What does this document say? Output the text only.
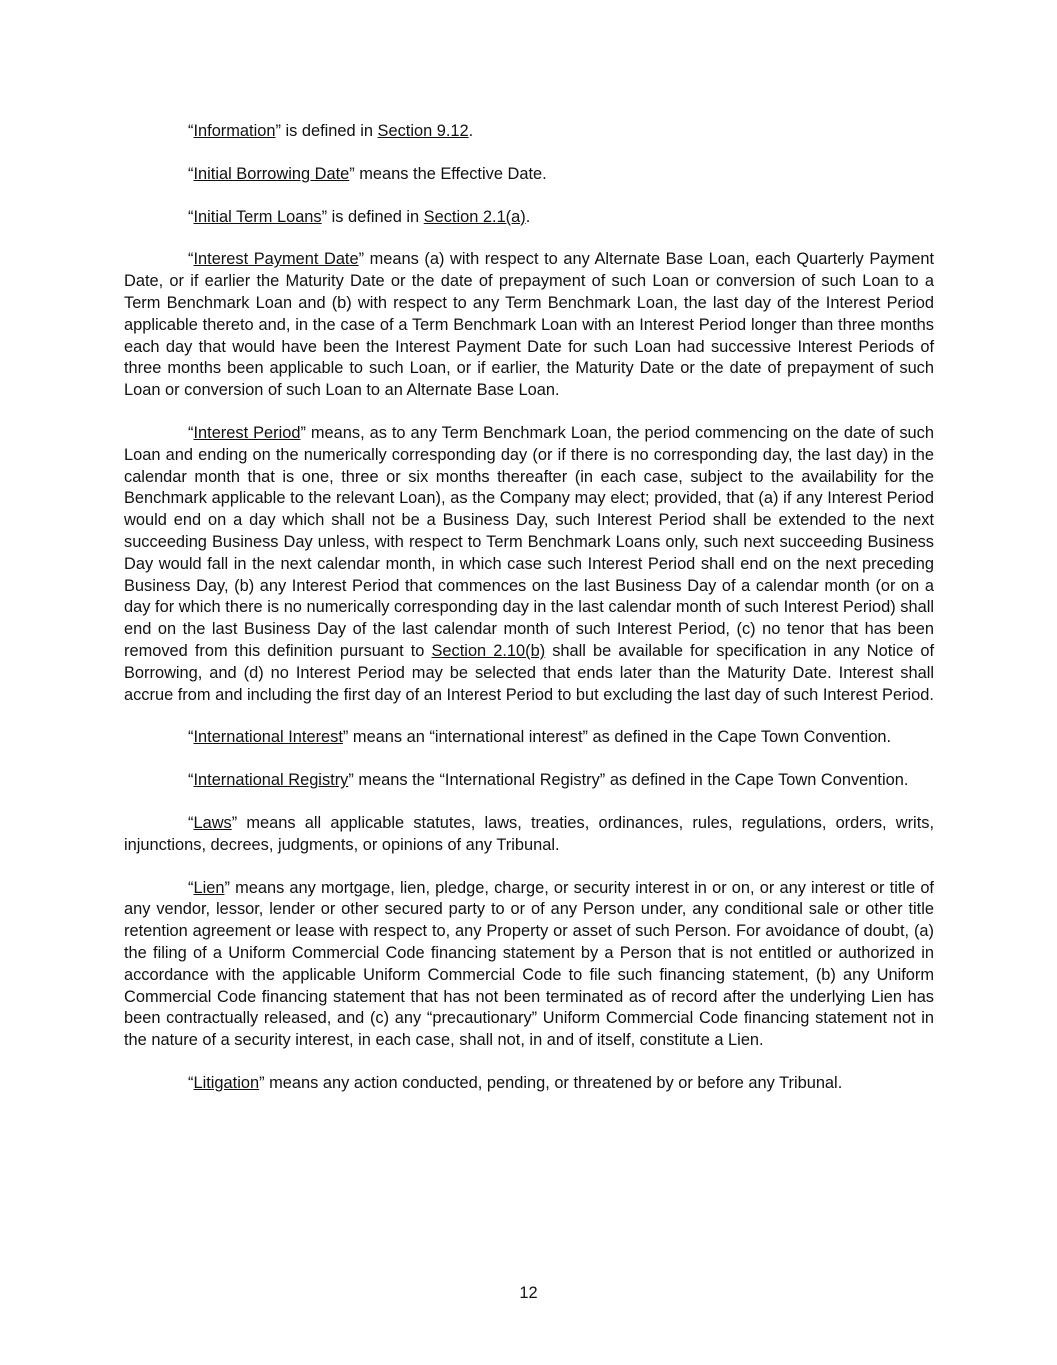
“Information” is defined in Section 9.12.

“Initial Borrowing Date” means the Effective Date.

“Initial Term Loans” is defined in Section 2.1(a).

“Interest Payment Date” means (a) with respect to any Alternate Base Loan, each Quarterly Payment Date, or if earlier the Maturity Date or the date of prepayment of such Loan or conversion of such Loan to a Term Benchmark Loan and (b) with respect to any Term Benchmark Loan, the last day of the Interest Period applicable thereto and, in the case of a Term Benchmark Loan with an Interest Period longer than three months each day that would have been the Interest Payment Date for such Loan had successive Interest Periods of three months been applicable to such Loan, or if earlier, the Maturity Date or the date of prepayment of such Loan or conversion of such Loan to an Alternate Base Loan.

“Interest Period” means, as to any Term Benchmark Loan, the period commencing on the date of such Loan and ending on the numerically corresponding day (or if there is no corresponding day, the last day) in the calendar month that is one, three or six months thereafter (in each case, subject to the availability for the Benchmark applicable to the relevant Loan), as the Company may elect; provided, that (a) if any Interest Period would end on a day which shall not be a Business Day, such Interest Period shall be extended to the next succeeding Business Day unless, with respect to Term Benchmark Loans only, such next succeeding Business Day would fall in the next calendar month, in which case such Interest Period shall end on the next preceding Business Day, (b) any Interest Period that commences on the last Business Day of a calendar month (or on a day for which there is no numerically corresponding day in the last calendar month of such Interest Period) shall end on the last Business Day of the last calendar month of such Interest Period, (c) no tenor that has been removed from this definition pursuant to Section 2.10(b) shall be available for specification in any Notice of Borrowing, and (d) no Interest Period may be selected that ends later than the Maturity Date. Interest shall accrue from and including the first day of an Interest Period to but excluding the last day of such Interest Period.

“International Interest” means an “international interest” as defined in the Cape Town Convention.

“International Registry” means the “International Registry” as defined in the Cape Town Convention.

“Laws” means all applicable statutes, laws, treaties, ordinances, rules, regulations, orders, writs, injunctions, decrees, judgments, or opinions of any Tribunal.

“Lien” means any mortgage, lien, pledge, charge, or security interest in or on, or any interest or title of any vendor, lessor, lender or other secured party to or of any Person under, any conditional sale or other title retention agreement or lease with respect to, any Property or asset of such Person. For avoidance of doubt, (a) the filing of a Uniform Commercial Code financing statement by a Person that is not entitled or authorized in accordance with the applicable Uniform Commercial Code to file such financing statement, (b) any Uniform Commercial Code financing statement that has not been terminated as of record after the underlying Lien has been contractually released, and (c) any “precautionary” Uniform Commercial Code financing statement not in the nature of a security interest, in each case, shall not, in and of itself, constitute a Lien.

“Litigation” means any action conducted, pending, or threatened by or before any Tribunal.

12
